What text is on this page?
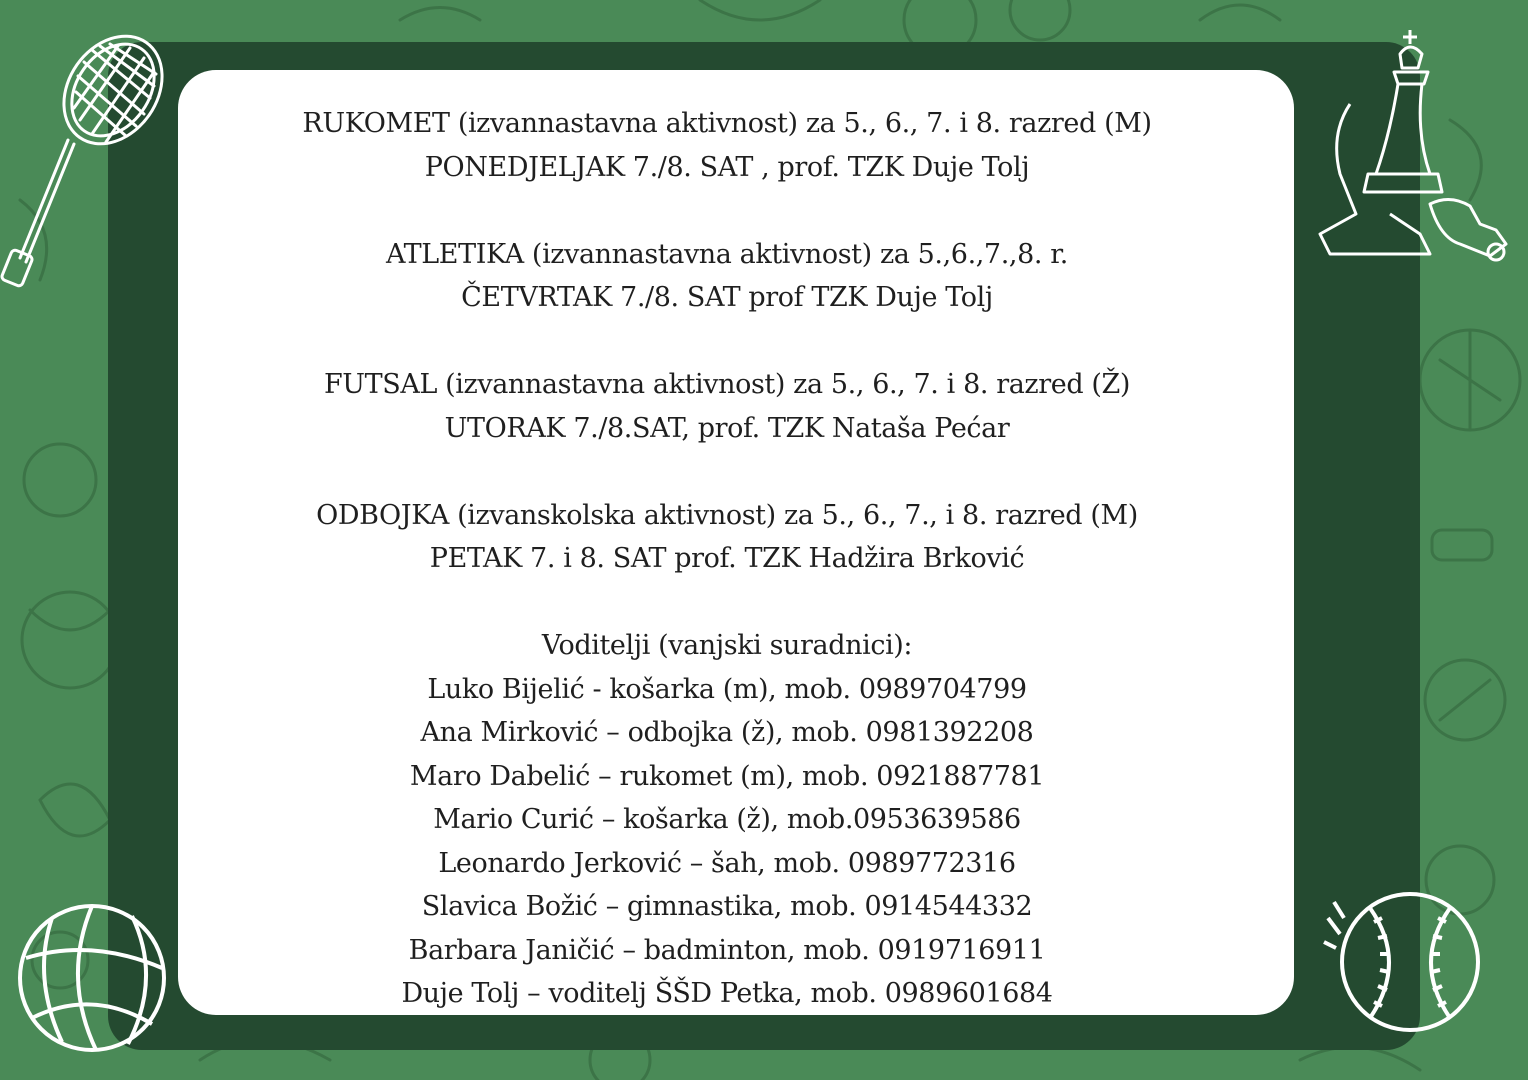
RUKOMET (izvannastavna aktivnost) za 5., 6., 7. i 8. razred (M)
PONEDJELJAK 7./8. SAT , prof. TZK Duje Tolj
ATLETIKA (izvannastavna aktivnost) za 5.,6.,7.,8. r.
ČETVRTAK 7./8. SAT prof TZK Duje Tolj
FUTSAL (izvannastavna aktivnost) za 5., 6., 7. i 8. razred (Ž)
UTORAK 7./8.SAT, prof. TZK Nataša Pećar
ODBOJKA (izvanskolska aktivnost) za 5., 6., 7., i 8. razred (M)
PETAK 7. i 8. SAT prof. TZK Hadžira Brković
Voditelji (vanjski suradnici):
Luko Bijelić - košarka (m), mob. 0989704799
Ana Mirković – odbojka (ž), mob. 0981392208
Maro Dabelić – rukomet (m), mob. 0921887781
Mario Curić – košarka (ž), mob.0953639586
Leonardo Jerković – šah, mob. 0989772316
Slavica Božić – gimnastika, mob. 0914544332
Barbara Janičić – badminton, mob. 0919716911
Duje Tolj – voditelj ŠŠD Petka, mob. 0989601684
